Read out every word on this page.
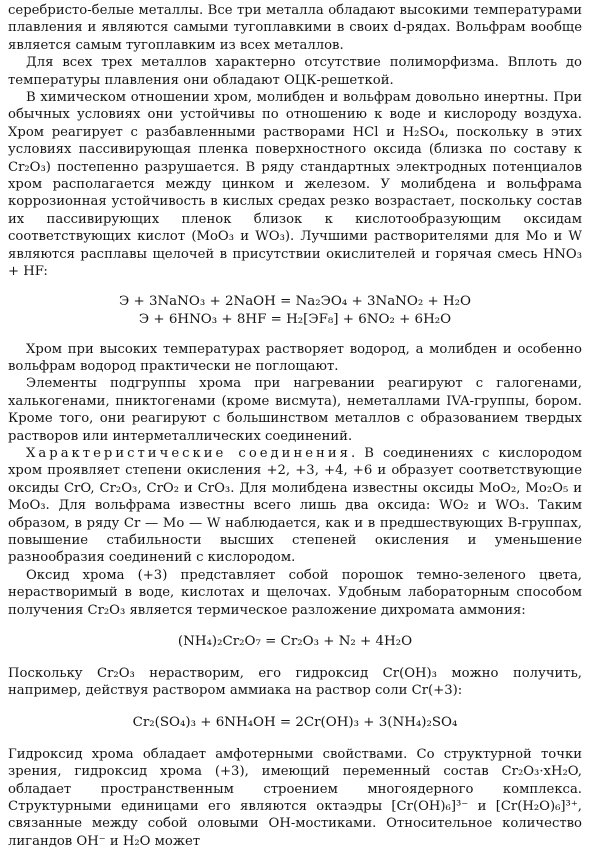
серебристо-белые металлы. Все три металла обладают высокими температурами плавления и являются самыми тугоплавкими в своих d-рядах. Вольфрам вообще является самым тугоплавким из всех металлов.

Для всех трех металлов характерно отсутствие полиморфизма. Вплоть до температуры плавления они обладают ОЦК-решеткой.

В химическом отношении хром, молибден и вольфрам довольно инертны. При обычных условиях они устойчивы по отношению к воде и кислороду воздуха. Хром реагирует с разбавленными растворами HCl и H₂SO₄, поскольку в этих условиях пассивирующая пленка поверхностного оксида (близка по составу к Cr₂O₃) постепенно разрушается. В ряду стандартных электродных потенциалов хром располагается между цинком и железом. У молибдена и вольфрама коррозионная устойчивость в кислых средах резко возрастает, поскольку состав их пассивирующих пленок близок к кислотообразующим оксидам соответствующих кислот (MoO₃ и WO₃). Лучшими растворителями для Mo и W являются расплавы щелочей в присутствии окислителей и горячая смесь HNO₃ + HF:

Э + 3NaNO₃ + 2NaOH = Na₂ЭO₄ + 3NaNO₂ + H₂O
Э + 6HNO₃ + 8HF = H₂[ЭF₈] + 6NO₂ + 6H₂O

Хром при высоких температурах растворяет водород, а молибден и особенно вольфрам водород практически не поглощают.

Элементы подгруппы хрома при нагревании реагируют с галогенами, халькогенами, пниктогенами (кроме висмута), неметаллами IVA-группы, бором. Кроме того, они реагируют с большинством металлов с образованием твердых растворов или интерметаллических соединений.

Характеристические соединения. В соединениях с кислородом хром проявляет степени окисления +2, +3, +4, +6 и образует соответствующие оксиды CrO, Cr₂O₃, CrO₂ и CrO₃. Для молибдена известны оксиды MoO₂, Mo₂O₅ и MoO₃. Для вольфрама известны всего лишь два оксида: WO₂ и WO₃. Таким образом, в ряду Cr — Mo — W наблюдается, как и в предшествующих В-группах, повышение стабильности высших степеней окисления и уменьшение разнообразия соединений с кислородом.

Оксид хрома (+3) представляет собой порошок темно-зеленого цвета, нерастворимый в воде, кислотах и щелочах. Удобным лабораторным способом получения Cr₂O₃ является термическое разложение дихромата аммония:

(NH₄)₂Cr₂O₇ = Cr₂O₃ + N₂ + 4H₂O

Поскольку Cr₂O₃ нерастворим, его гидроксид Cr(OH)₃ можно получить, например, действуя раствором аммиака на раствор соли Cr(+3):

Cr₂(SO₄)₃ + 6NH₄OH = 2Cr(OH)₃ + 3(NH₄)₂SO₄

Гидроксид хрома обладает амфотерными свойствами. Со структурной точки зрения, гидроксид хрома (+3), имеющий переменный состав Cr₂O₃·xH₂O, обладает пространственным строением многоядерного комплекса. Структурными единицами его являются октаэдры [Cr(OH)₆]³⁻ и [Cr(H₂O)₆]³⁺, связанные между собой ᴏловыми OH-мостиками. Относительное количество лигандов OH⁻ и H₂O может
